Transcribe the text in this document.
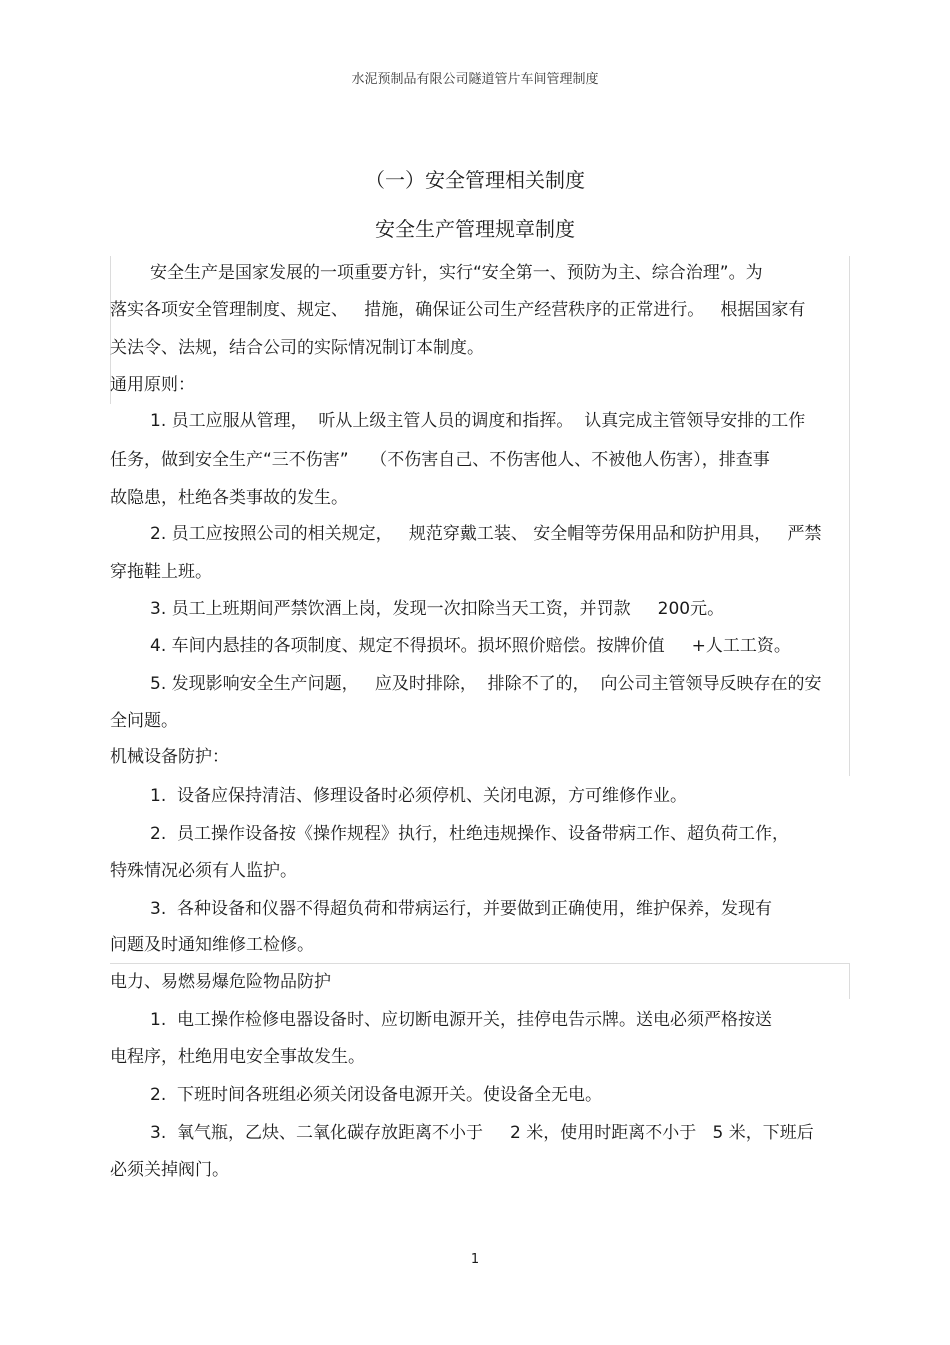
水泥预制品有限公司隧道管片车间管理制度
（一）安全管理相关制度
安全生产管理规章制度
安全生产是国家发展的一项重要方针，实行“安全第一、预防为主、综合治理”。为
落实各项安全管理制度、规定、   措施，确保证公司生产经营秩序的正常进行。   根据国家有
关法令、法规，结合公司的实际情况制订本制度。
通用原则：
1. 员工应服从管理，  听从上级主管人员的调度和指挥。  认真完成主管领导安排的工作
任务，做到安全生产“三不伤害”    （不伤害自己、不伤害他人、不被他人伤害），排查事
故隐患，杜绝各类事故的发生。
2. 员工应按照公司的相关规定，   规范穿戴工装、 安全帽等劳保用品和防护用具，   严禁
穿拖鞋上班。
3. 员工上班期间严禁饮酒上岗，发现一次扣除当天工资，并罚款     200元。
4. 车间内悬挂的各项制度、规定不得损坏。损坏照价赔偿。按牌价值     +人工工资。
5. 发现影响安全生产问题，   应及时排除，  排除不了的，  向公司主管领导反映存在的安
全问题。
机械设备防护：
1.  设备应保持清洁、修理设备时必须停机、关闭电源，方可维修作业。
2.  员工操作设备按《操作规程》执行，杜绝违规操作、设备带病工作、超负荷工作，
特殊情况必须有人监护。
3.  各种设备和仪器不得超负荷和带病运行，并要做到正确使用，维护保养，发现有
问题及时通知维修工检修。
电力、易燃易爆危险物品防护
1.  电工操作检修电器设备时、应切断电源开关，挂停电告示牌。送电必须严格按送
电程序，杜绝用电安全事故发生。
2.  下班时间各班组必须关闭设备电源开关。使设备全无电。
3.  氧气瓶，乙炔、二氧化碳存放距离不小于     2 米，使用时距离不小于   5 米，下班后
必须关掉阀门。
1
